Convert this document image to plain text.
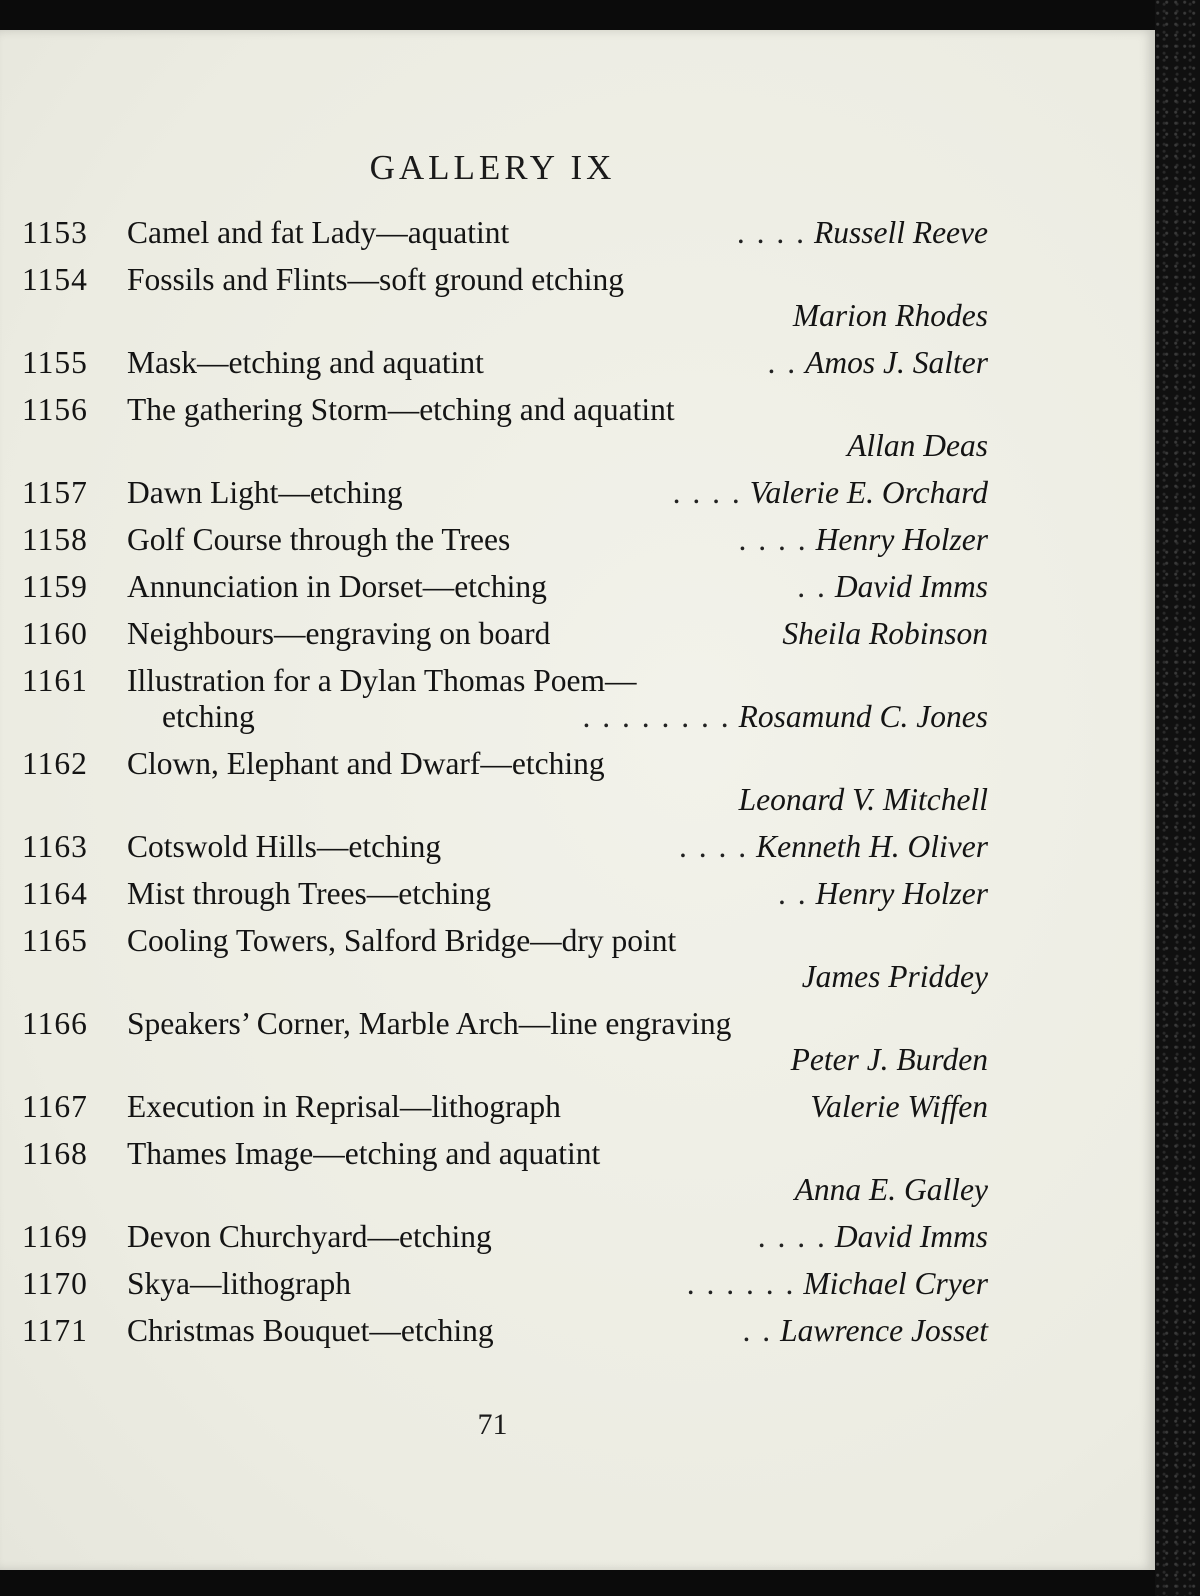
GALLERY IX
1153	Camel and fat Lady—aquatint	. . . . Russell Reeve
1154	Fossils and Flints—soft ground etching
Marion Rhodes
1155	Mask—etching and aquatint	. . Amos J. Salter
1156	The gathering Storm—etching and aquatint
Allan Deas
1157	Dawn Light—etching	. . . . Valerie E. Orchard
1158	Golf Course through the Trees	. . . . Henry Holzer
1159	Annunciation in Dorset—etching	. . David Imms
1160	Neighbours—engraving on board	Sheila Robinson
1161	Illustration for a Dylan Thomas Poem—
etching	. . . . . . . . Rosamund C. Jones
1162	Clown, Elephant and Dwarf—etching
Leonard V. Mitchell
1163	Cotswold Hills—etching	. . . . Kenneth H. Oliver
1164	Mist through Trees—etching	. . Henry Holzer
1165	Cooling Towers, Salford Bridge—dry point
James Priddey
1166	Speakers’ Corner, Marble Arch—line engraving
Peter J. Burden
1167	Execution in Reprisal—lithograph	Valerie Wiffen
1168	Thames Image—etching and aquatint
Anna E. Galley
1169	Devon Churchyard—etching	. . . . David Imms
1170	Skya—lithograph	. . . . . . Michael Cryer
1171	Christmas Bouquet—etching	. . Lawrence Josset
71
